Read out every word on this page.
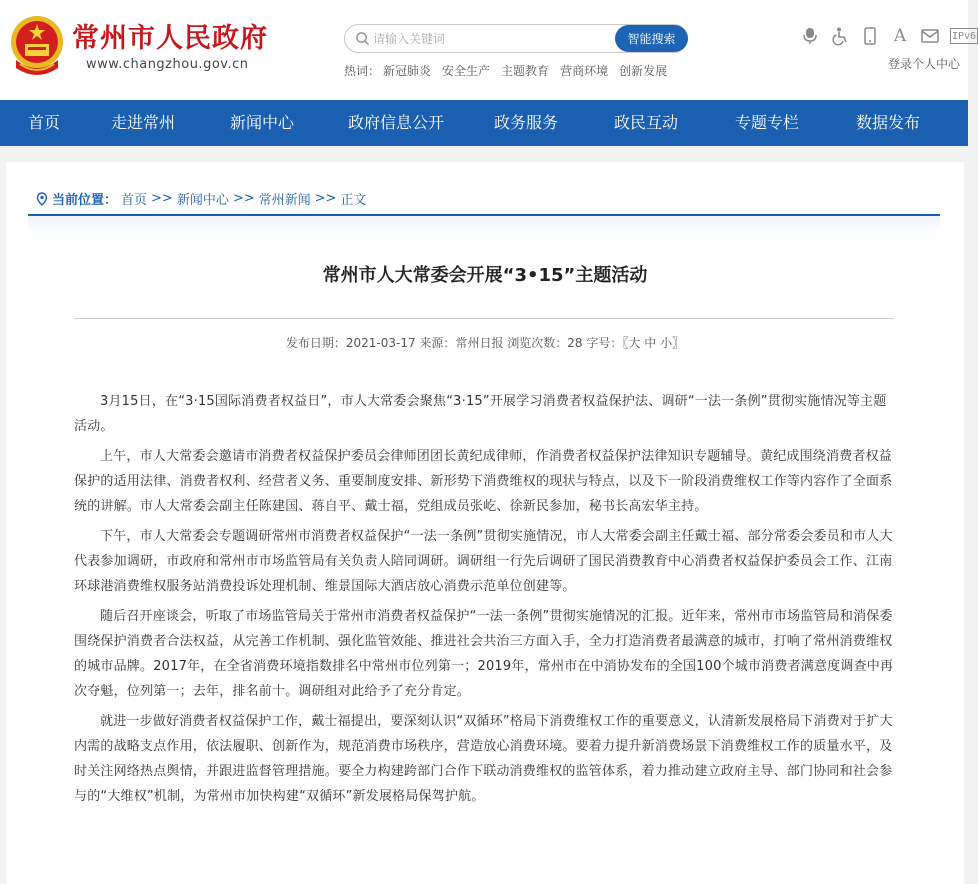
常州市人民政府
www.changzhou.gov.cn
请输入关键词
智能搜索
热词： 新冠肺炎 安全生产 主题教育 营商环境 创新发展
A	IPv6
登录个人中心
首页	走进常州	新闻中心	政府信息公开	政务服务	政民互动	专题专栏	数据发布
当前位置： 首页 >> 新闻中心 >> 常州新闻 >> 正文
常州市人大常委会开展“3•15”主题活动
发布日期：2021-03-17 来源：常州日报 浏览次数：28 字号：〖大 中 小〗

3月15日，在“3·15国际消费者权益日”，市人大常委会聚焦“3·15”开展学习消费者权益保护法、调研“一法一条例”贯彻实施情况等主题活动。

上午，市人大常委会邀请市消费者权益保护委员会律师团团长黄纪成律师，作消费者权益保护法律知识专题辅导。黄纪成围绕消费者权益保护的适用法律、消费者权利、经营者义务、重要制度安排、新形势下消费维权的现状与特点，以及下一阶段消费维权工作等内容作了全面系统的讲解。市人大常委会副主任陈建国、蒋自平、戴士福，党组成员张屹、徐新民参加，秘书长高宏华主持。

下午，市人大常委会专题调研常州市消费者权益保护“一法一条例”贯彻实施情况，市人大常委会副主任戴士福、部分常委会委员和市人大代表参加调研，市政府和常州市市场监管局有关负责人陪同调研。调研组一行先后调研了国民消费教育中心消费者权益保护委员会工作、江南环球港消费维权服务站消费投诉处理机制、维景国际大酒店放心消费示范单位创建等。

随后召开座谈会，听取了市场监管局关于常州市消费者权益保护“一法一条例”贯彻实施情况的汇报。近年来，常州市市场监管局和消保委围绕保护消费者合法权益，从完善工作机制、强化监管效能、推进社会共治三方面入手，全力打造消费者最满意的城市，打响了常州消费维权的城市品牌。2017年，在全省消费环境指数排名中常州市位列第一；2019年，常州市在中消协发布的全国100个城市消费者满意度调查中再次夺魁，位列第一；去年，排名前十。调研组对此给予了充分肯定。

就进一步做好消费者权益保护工作，戴士福提出，要深刻认识“双循环”格局下消费维权工作的重要意义，认清新发展格局下消费对于扩大内需的战略支点作用，依法履职、创新作为，规范消费市场秩序，营造放心消费环境。要着力提升新消费场景下消费维权工作的质量水平，及时关注网络热点舆情，并跟进监督管理措施。要全力构建跨部门合作下联动消费维权的监管体系，着力推动建立政府主导、部门协同和社会参与的“大维权”机制，为常州市加快构建“双循环”新发展格局保驾护航。
